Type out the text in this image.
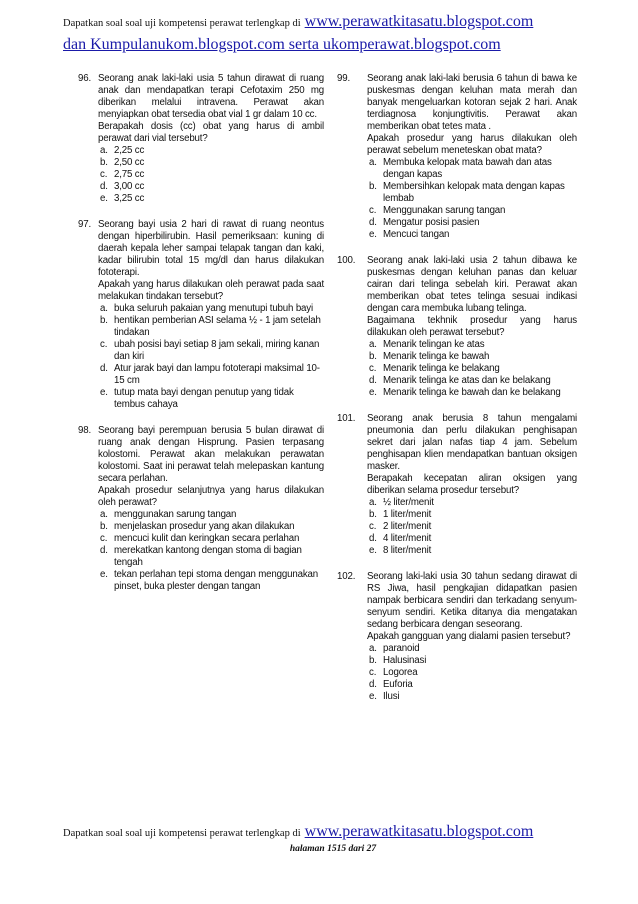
Dapatkan soal soal uji kompetensi perawat terlengkap di www.perawatkitasatu.blogspot.com
dan Kumpulanukom.blogspot.com serta ukomperawat.blogspot.com
96. Seorang anak laki-laki usia 5 tahun dirawat di ruang anak dan mendapatkan terapi Cefotaxim 250 mg diberikan melalui intravena. Perawat akan menyiapkan obat tersedia obat vial 1 gr dalam 10 cc.

Berapakah dosis (cc) obat yang harus di ambil perawat dari vial tersebut?

a. 2,25 cc
b. 2,50 cc
c. 2,75 cc
d. 3,00 cc
e. 3,25 cc
97. Seorang bayi usia 2 hari di rawat di ruang neontus dengan hiperbilirubin. Hasil pemeriksaan: kuning di daerah kepala leher sampai telapak tangan dan kaki, kadar bilirubin total 15 mg/dl dan harus dilakukan fototerapi.

Apakah yang harus dilakukan oleh perawat pada saat melakukan tindakan tersebut?

a. buka seluruh pakaian yang menutupi tubuh bayi
b. hentikan pemberian ASI selama ½ - 1 jam setelah tindakan
c. ubah posisi bayi setiap 8 jam sekali, miring kanan dan kiri
d. Atur jarak bayi dan lampu fototerapi maksimal 10-15 cm
e. tutup mata bayi dengan penutup yang tidak tembus cahaya
98. Seorang bayi perempuan berusia 5 bulan dirawat di ruang anak dengan Hisprung. Pasien terpasang kolostomi. Perawat akan melakukan perawatan kolostomi. Saat ini perawat telah melepaskan kantung secara perlahan.

Apakah prosedur selanjutnya yang harus dilakukan oleh perawat?

a. menggunakan sarung tangan
b. menjelaskan prosedur yang akan dilakukan
c. mencuci kulit dan keringkan secara perlahan
d. merekatkan kantong dengan stoma di bagian tengah
e. tekan perlahan tepi stoma dengan menggunakan pinset, buka plester dengan tangan
99. Seorang anak laki-laki berusia 6 tahun di bawa ke puskesmas dengan keluhan mata merah dan banyak mengeluarkan kotoran sejak 2 hari. Anak terdiagnosa konjungtivitis. Perawat akan memberikan obat tetes mata .

Apakah prosedur yang harus dilakukan oleh perawat sebelum meneteskan obat mata?

a. Membuka kelopak mata bawah dan atas dengan kapas
b. Membersihkan kelopak mata dengan kapas lembab
c. Menggunakan sarung tangan
d. Mengatur posisi pasien
e. Mencuci tangan
100. Seorang anak laki-laki usia 2 tahun dibawa ke puskesmas dengan keluhan panas dan keluar cairan dari telinga sebelah kiri. Perawat akan memberikan obat tetes telinga sesuai indikasi dengan cara membuka lubang telinga.

Bagaimana tekhnik prosedur yang harus dilakukan oleh perawat tersebut?

a. Menarik telingan ke atas
b. Menarik telinga ke bawah
c. Menarik telinga ke belakang
d. Menarik telinga ke atas dan ke belakang
e. Menarik telinga ke bawah dan ke belakang
101. Seorang anak berusia 8 tahun mengalami pneumonia dan perlu dilakukan penghisapan sekret dari jalan nafas tiap 4 jam. Sebelum penghisapan klien mendapatkan bantuan oksigen masker.

Berapakah kecepatan aliran oksigen yang diberikan selama prosedur tersebut?

a. ½ liter/menit
b. 1 liter/menit
c. 2 liter/menit
d. 4 liter/menit
e. 8 liter/menit
102. Seorang laki-laki usia 30 tahun sedang dirawat di RS Jiwa, hasil pengkajian didapatkan pasien nampak berbicara sendiri dan terkadang senyum-senyum sendiri. Ketika ditanya dia mengatakan sedang berbicara dengan seseorang.

Apakah gangguan yang dialami pasien tersebut?

a. paranoid
b. Halusinasi
c. Logorea
d. Euforia
e. Ilusi
Dapatkan soal soal uji kompetensi perawat terlengkap di www.perawatkitasatu.blogspot.com
halaman 1515 dari 27
